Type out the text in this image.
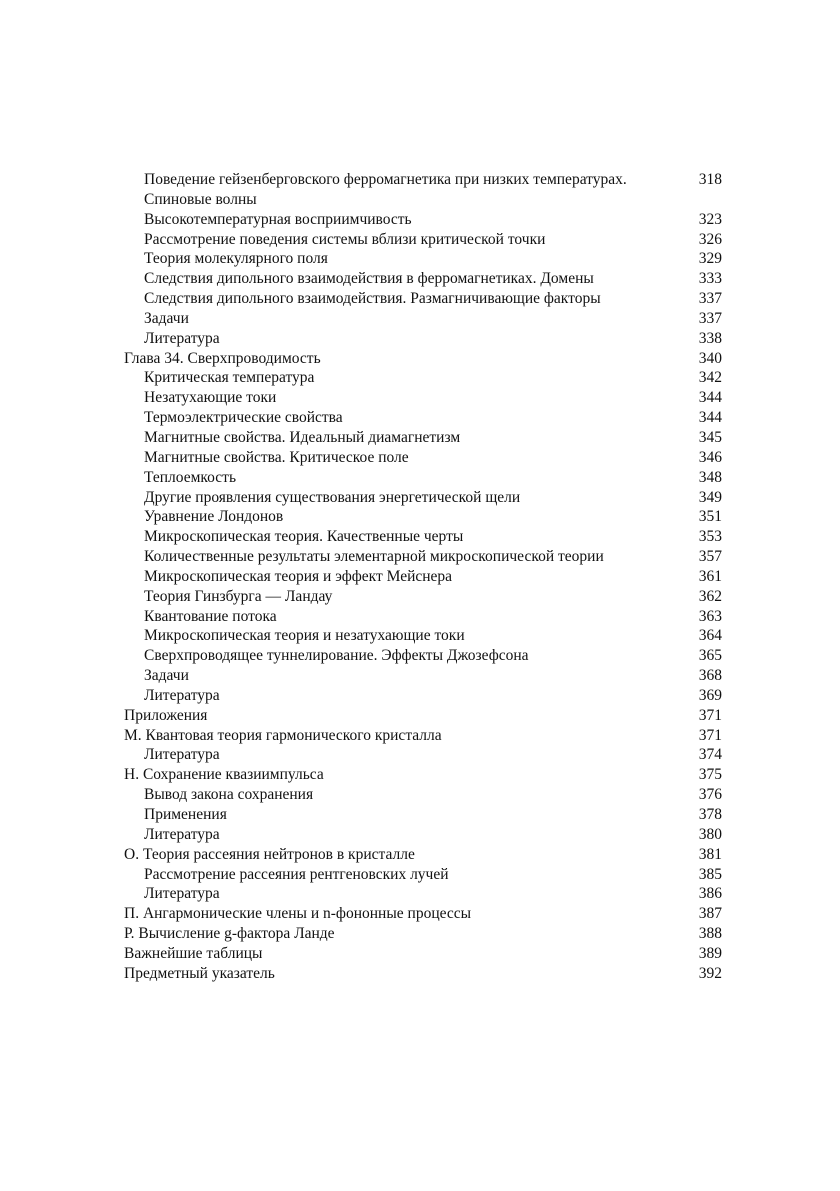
Поведение гейзенберговского ферромагнетика при низких температурах.	318
Спиновые волны
Высокотемпературная восприимчивость	323
Рассмотрение поведения системы вблизи критической точки	326
Теория молекулярного поля	329
Следствия дипольного взаимодействия в ферромагнетиках. Домены	333
Следствия дипольного взаимодействия. Размагничивающие факторы	337
Задачи	337
Литература	338
Глава 34. Сверхпроводимость	340
Критическая температура	342
Незатухающие токи	344
Термоэлектрические свойства	344
Магнитные свойства. Идеальный диамагнетизм	345
Магнитные свойства. Критическое поле	346
Теплоемкость	348
Другие проявления существования энергетической щели	349
Уравнение Лондонов	351
Микроскопическая теория. Качественные черты	353
Количественные результаты элементарной микроскопической теории	357
Микроскопическая теория и эффект Мейснера	361
Теория Гинзбурга — Ландау	362
Квантование потока	363
Микроскопическая теория и незатухающие токи	364
Сверхпроводящее туннелирование. Эффекты Джозефсона	365
Задачи	368
Литература	369
Приложения	371
М. Квантовая теория гармонического кристалла	371
Литература	374
Н. Сохранение квазиимпульса	375
Вывод закона сохранения	376
Применения	378
Литература	380
О. Теория рассеяния нейтронов в кристалле	381
Рассмотрение рассеяния рентгеновских лучей	385
Литература	386
П. Ангармонические члены и n-фононные процессы	387
Р. Вычисление g-фактора Ланде	388
Важнейшие таблицы	389
Предметный указатель	392
